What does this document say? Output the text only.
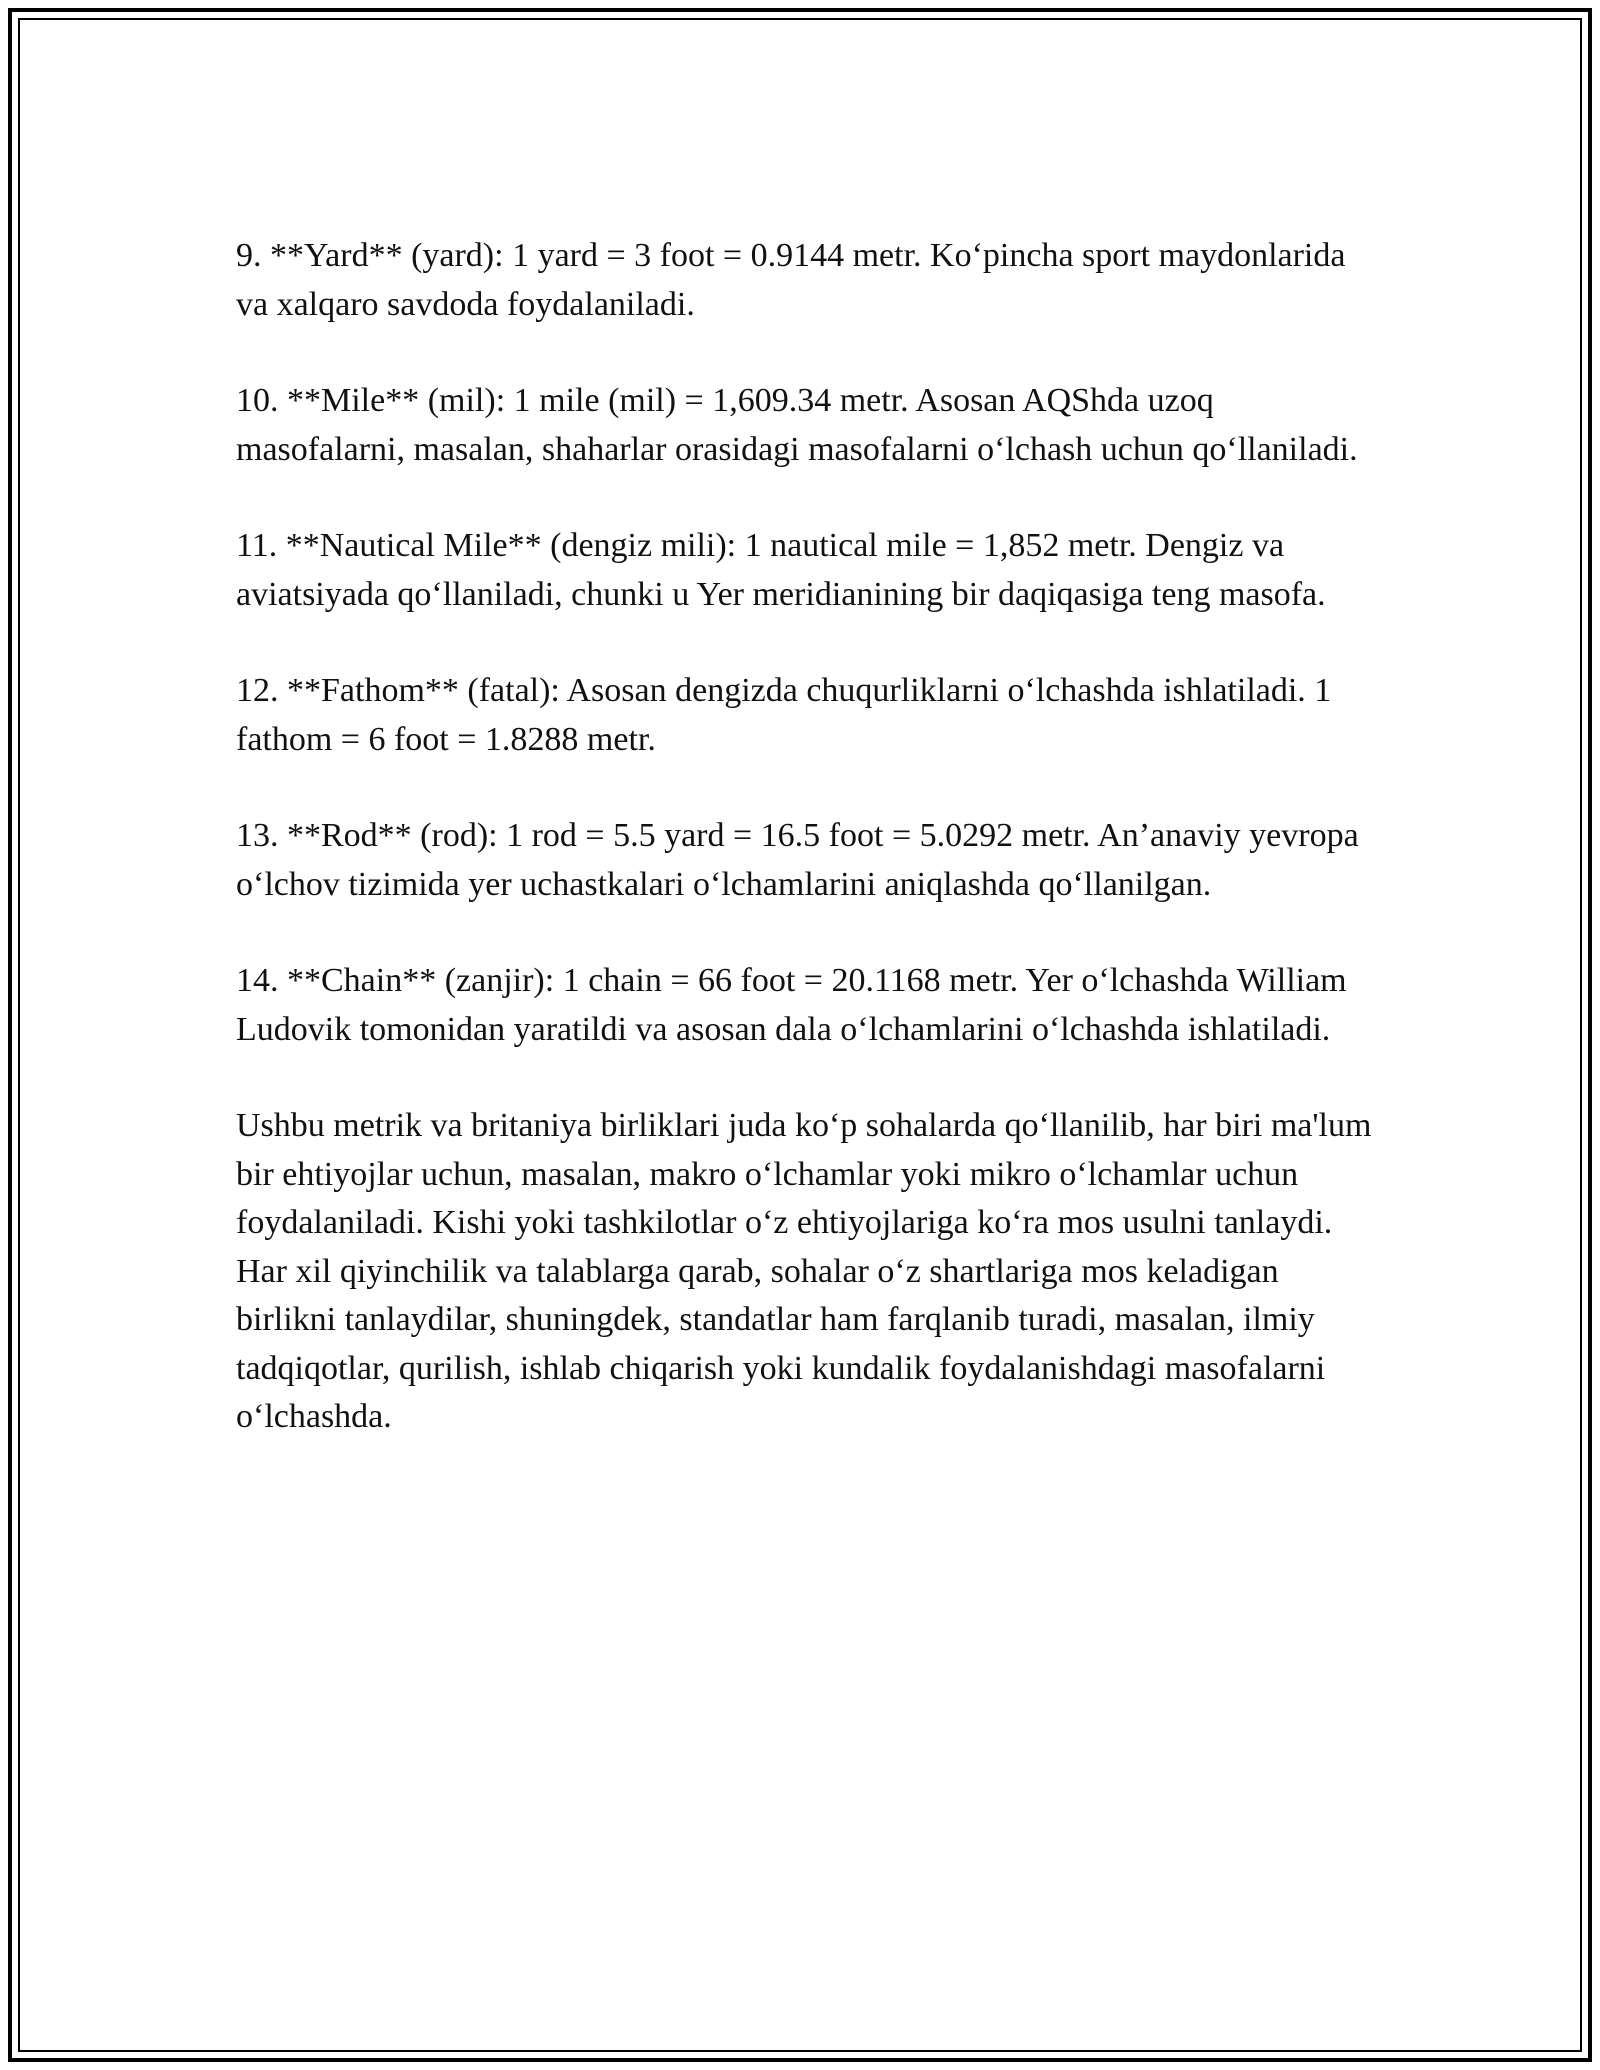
9. **Yard** (yard): 1 yard = 3 foot = 0.9144 metr. Ko‘pincha sport maydonlarida va xalqaro savdoda foydalaniladi.

10. **Mile** (mil): 1 mile (mil) = 1,609.34 metr. Asosan AQShda uzoq masofalarni, masalan, shaharlar orasidagi masofalarni o‘lchash uchun qo‘llaniladi.

11. **Nautical Mile** (dengiz mili): 1 nautical mile = 1,852 metr. Dengiz va aviatsiyada qo‘llaniladi, chunki u Yer meridianining bir daqiqasiga teng masofa.

12. **Fathom** (fatal): Asosan dengizda chuqurliklarni o‘lchashda ishlatiladi. 1 fathom = 6 foot = 1.8288 metr.

13. **Rod** (rod): 1 rod = 5.5 yard = 16.5 foot = 5.0292 metr. An’anaviy yevropa o‘lchov tizimida yer uchastkalari o‘lchamlarini aniqlashda qo‘llanilgan.

14. **Chain** (zanjir): 1 chain = 66 foot = 20.1168 metr. Yer o‘lchashda William Ludovik tomonidan yaratildi va asosan dala o‘lchamlarini o‘lchashda ishlatiladi.

Ushbu metrik va britaniya birliklari juda ko‘p sohalarda qo‘llanilib, har biri ma'lum bir ehtiyojlar uchun, masalan, makro o‘lchamlar yoki mikro o‘lchamlar uchun foydalaniladi. Kishi yoki tashkilotlar o‘z ehtiyojlariga ko‘ra mos usulni tanlaydi. Har xil qiyinchilik va talablarga qarab, sohalar o‘z shartlariga mos keladigan birlikni tanlaydilar, shuningdek, standatlar ham farqlanib turadi, masalan, ilmiy tadqiqotlar, qurilish, ishlab chiqarish yoki kundalik foydalanishdagi masofalarni o‘lchashda.
